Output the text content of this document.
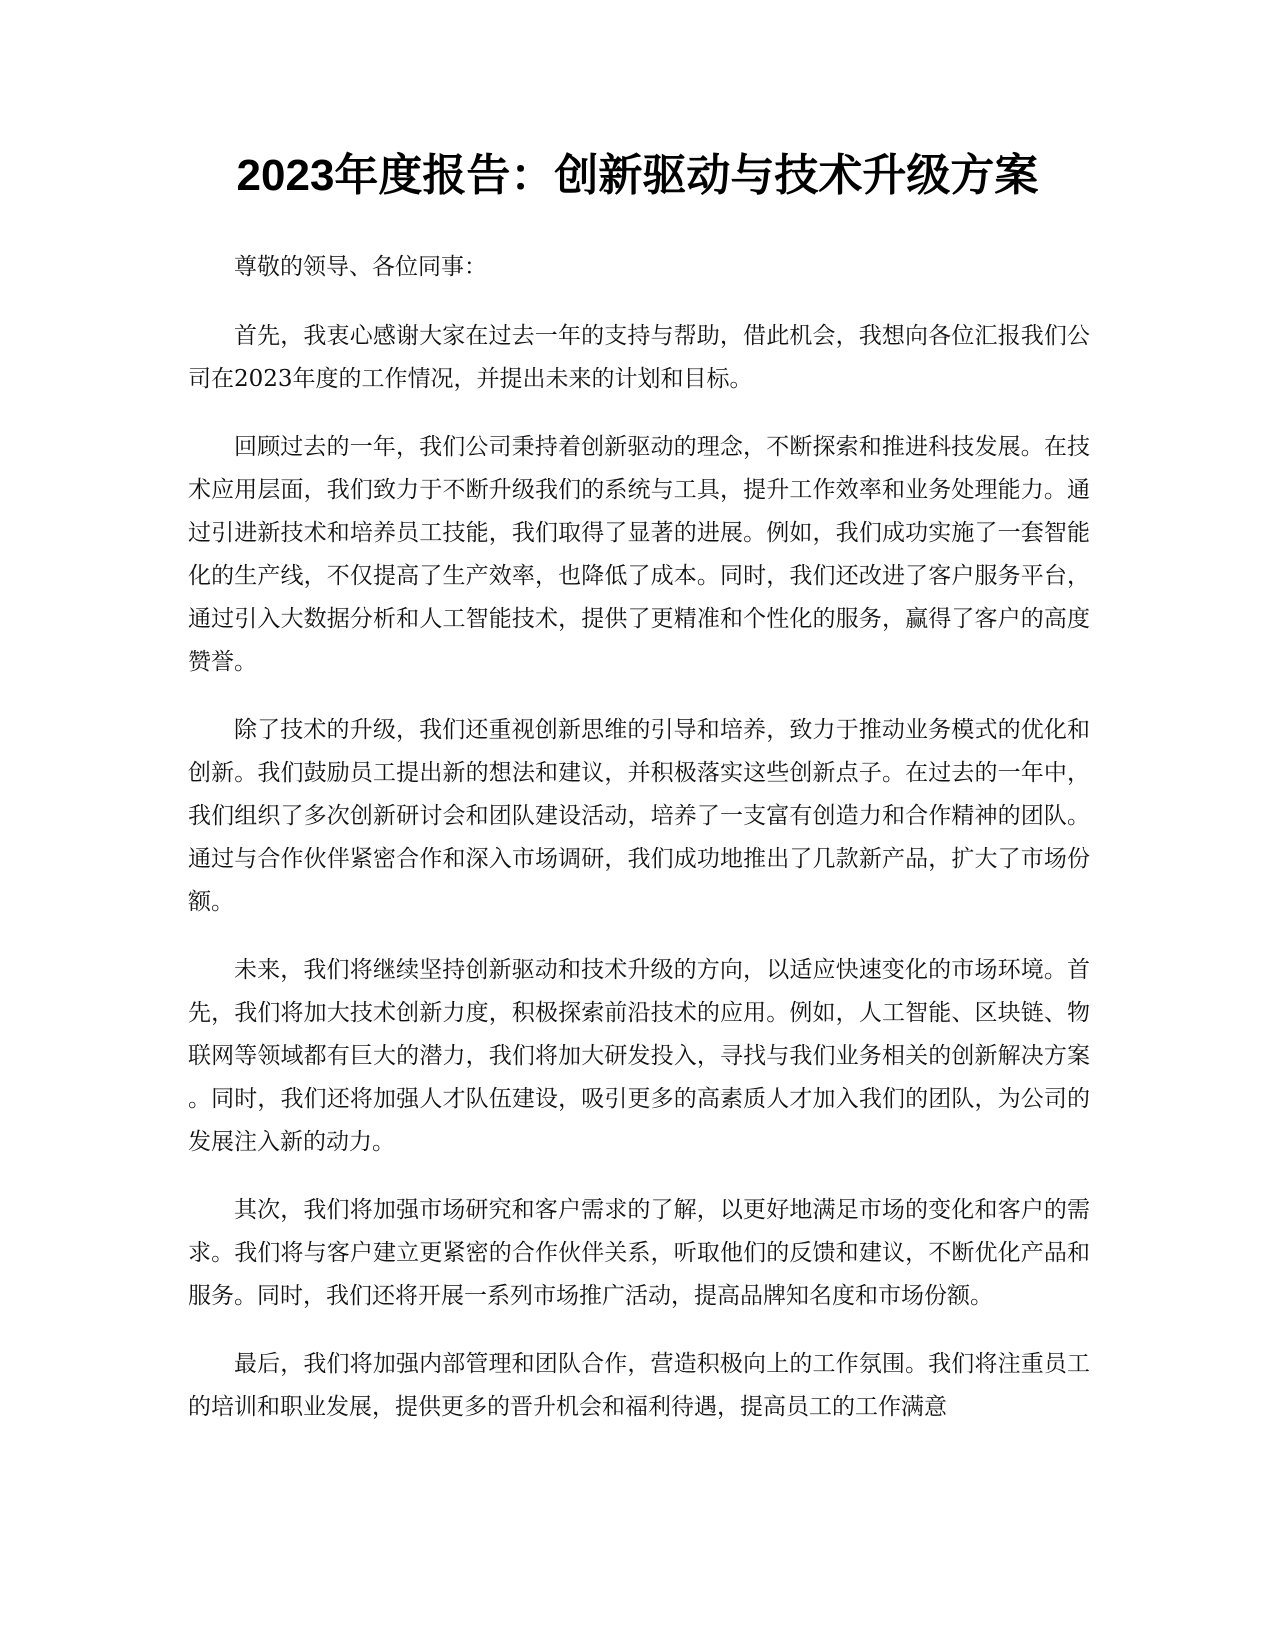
2023年度报告：创新驱动与技术升级方案

尊敬的领导、各位同事：

首先，我衷心感谢大家在过去一年的支持与帮助，借此机会，我想向各位汇报我们公司在2023年度的工作情况，并提出未来的计划和目标。

回顾过去的一年，我们公司秉持着创新驱动的理念，不断探索和推进科技发展。在技术应用层面，我们致力于不断升级我们的系统与工具，提升工作效率和业务处理能力。通过引进新技术和培养员工技能，我们取得了显著的进展。例如，我们成功实施了一套智能化的生产线，不仅提高了生产效率，也降低了成本。同时，我们还改进了客户服务平台，通过引入大数据分析和人工智能技术，提供了更精准和个性化的服务，赢得了客户的高度赞誉。

除了技术的升级，我们还重视创新思维的引导和培养，致力于推动业务模式的优化和创新。我们鼓励员工提出新的想法和建议，并积极落实这些创新点子。在过去的一年中，我们组织了多次创新研讨会和团队建设活动，培养了一支富有创造力和合作精神的团队。通过与合作伙伴紧密合作和深入市场调研，我们成功地推出了几款新产品，扩大了市场份额。

未来，我们将继续坚持创新驱动和技术升级的方向，以适应快速变化的市场环境。首先，我们将加大技术创新力度，积极探索前沿技术的应用。例如，人工智能、区块链、物联网等领域都有巨大的潜力，我们将加大研发投入，寻找与我们业务相关的创新解决方案。同时，我们还将加强人才队伍建设，吸引更多的高素质人才加入我们的团队，为公司的发展注入新的动力。

其次，我们将加强市场研究和客户需求的了解，以更好地满足市场的变化和客户的需求。我们将与客户建立更紧密的合作伙伴关系，听取他们的反馈和建议，不断优化产品和服务。同时，我们还将开展一系列市场推广活动，提高品牌知名度和市场份额。

最后，我们将加强内部管理和团队合作，营造积极向上的工作氛围。我们将注重员工的培训和职业发展，提供更多的晋升机会和福利待遇，提高员工的工作满意
